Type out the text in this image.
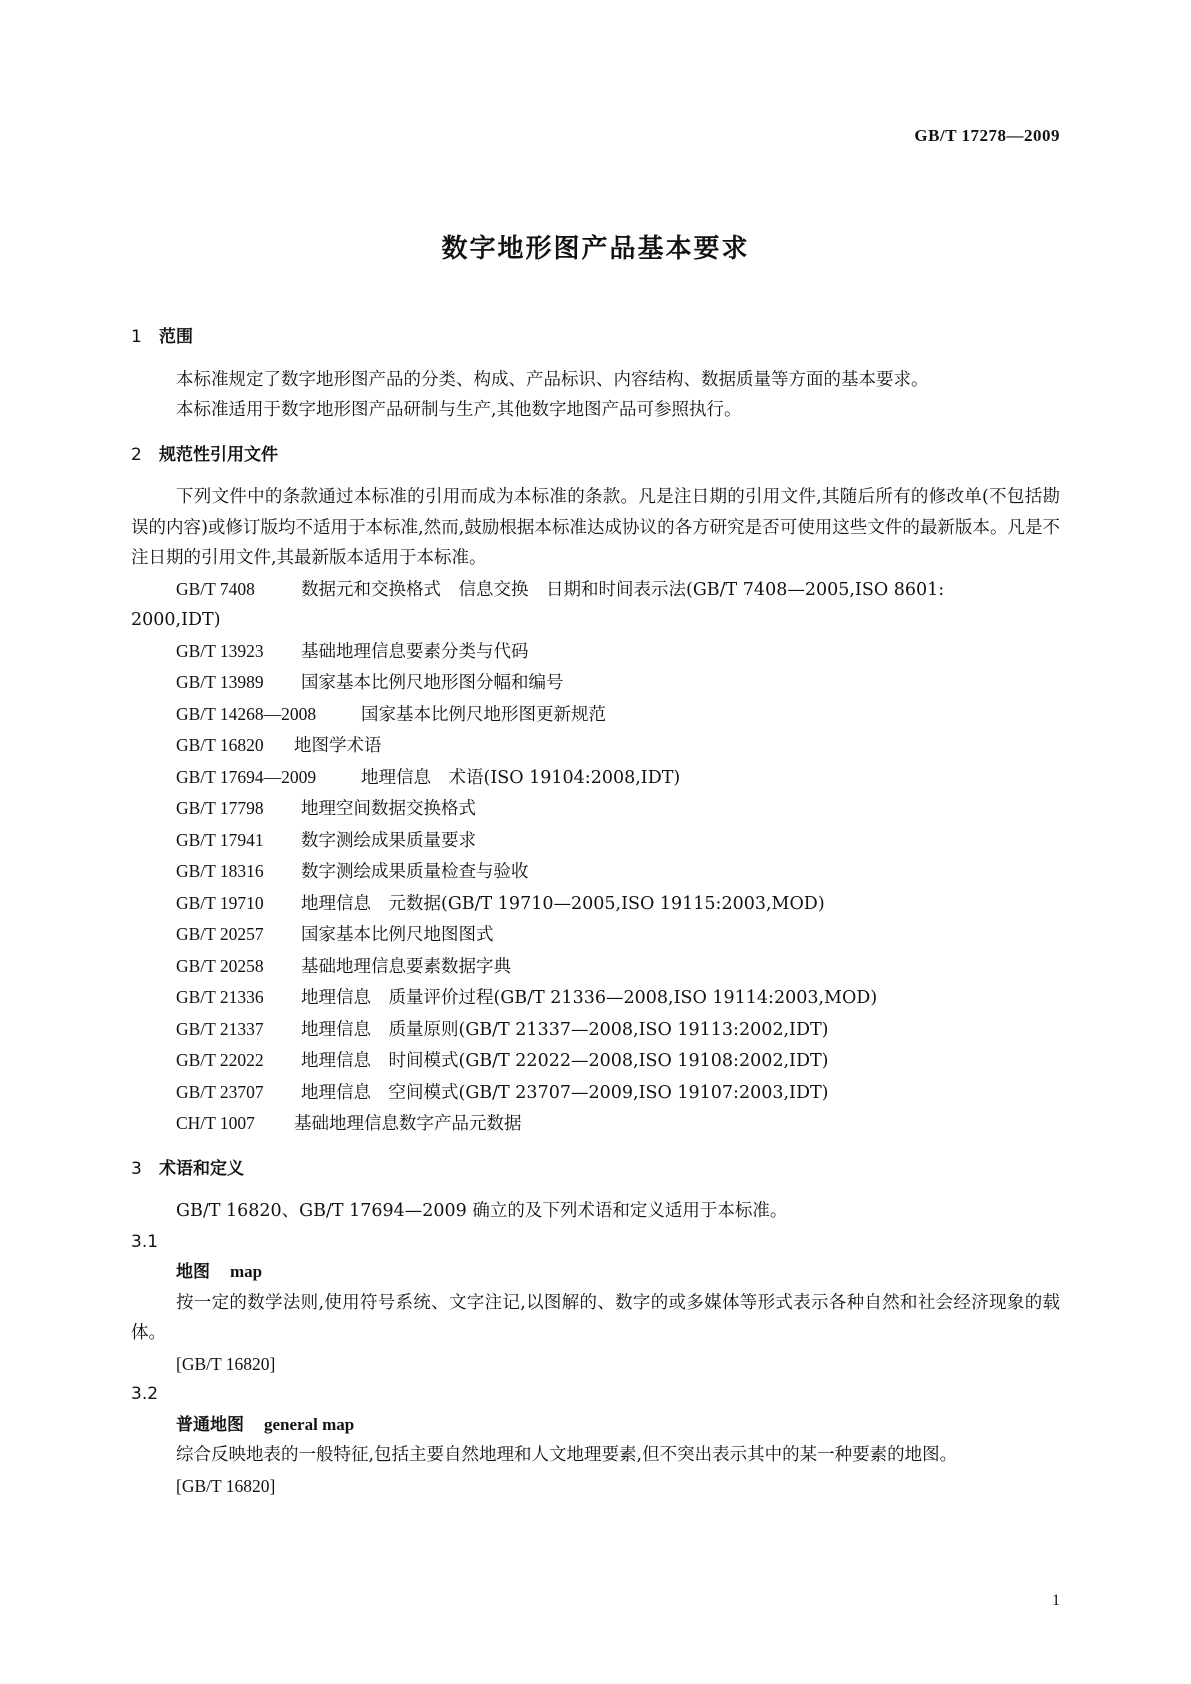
GB/T 17278—2009
数字地形图产品基本要求

1 范围

本标准规定了数字地形图产品的分类、构成、产品标识、内容结构、数据质量等方面的基本要求。

本标准适用于数字地形图产品研制与生产,其他数字地图产品可参照执行。

2 规范性引用文件

下列文件中的条款通过本标准的引用而成为本标准的条款。凡是注日期的引用文件,其随后所有的修改单(不包括勘误的内容)或修订版均不适用于本标准,然而,鼓励根据本标准达成协议的各方研究是否可使用这些文件的最新版本。凡是不注日期的引用文件,其最新版本适用于本标准。

GB/T 7408	数据元和交换格式　信息交换　日期和时间表示法(GB/T 7408—2005,ISO 8601:
2000,IDT)
GB/T 13923 基础地理信息要素分类与代码
GB/T 13989 国家基本比例尺地形图分幅和编号
GB/T 14268—2008	国家基本比例尺地形图更新规范
GB/T 16820 地图学术语
GB/T 17694—2009	地理信息　术语(ISO 19104:2008,IDT)
GB/T 17798 地理空间数据交换格式
GB/T 17941 数字测绘成果质量要求
GB/T 18316 数字测绘成果质量检查与验收
GB/T 19710 地理信息　元数据(GB/T 19710—2005,ISO 19115:2003,MOD)
GB/T 20257 国家基本比例尺地图图式
GB/T 20258 基础地理信息要素数据字典
GB/T 21336 地理信息　质量评价过程(GB/T 21336—2008,ISO 19114:2003,MOD)
GB/T 21337 地理信息　质量原则(GB/T 21337—2008,ISO 19113:2002,IDT)
GB/T 22022 地理信息　时间模式(GB/T 22022—2008,ISO 19108:2002,IDT)
GB/T 23707 地理信息　空间模式(GB/T 23707—2009,ISO 19107:2003,IDT)
CH/T 1007 基础地理信息数字产品元数据

3 术语和定义

GB/T 16820、GB/T 17694—2009 确立的及下列术语和定义适用于本标准。

3.1

地图 map

按一定的数学法则,使用符号系统、文字注记,以图解的、数字的或多媒体等形式表示各种自然和社会经济现象的载体。

[GB/T 16820]

3.2

普通地图 general map

综合反映地表的一般特征,包括主要自然地理和人文地理要素,但不突出表示其中的某一种要素的地图。

[GB/T 16820]

1
